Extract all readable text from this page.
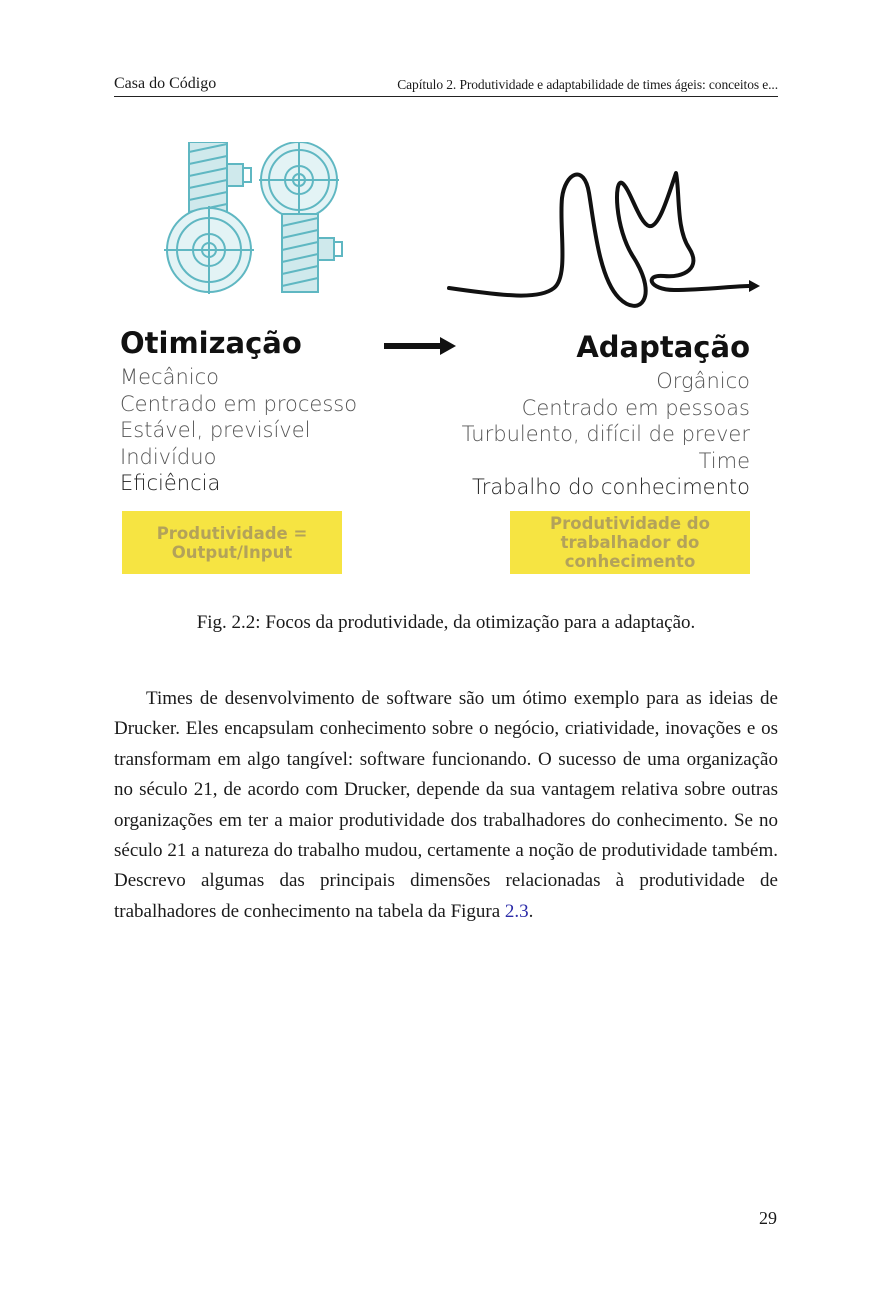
Casa do Código	Capítulo 2. Produtividade e adaptabilidade de times ágeis: conceitos e...
Otimização	Adaptação
Mecânico
Centrado em processo
Estável, previsível
Indivíduo
Eficiência
Orgânico
Centrado em pessoas
Turbulento, difícil de prever
Time
Trabalho do conhecimento
Produtividade =
Output/Input
Produtividade do
trabalhador do
conhecimento
Fig. 2.2: Focos da produtividade, da otimização para a adaptação.

Times de desenvolvimento de software são um ótimo exemplo para as ideias de Drucker. Eles encapsulam conhecimento sobre o negócio, criatividade, inovações e os transformam em algo tangível: software funcionando. O sucesso de uma organização no século 21, de acordo com Drucker, depende da sua vantagem relativa sobre outras organizações em ter a maior produtividade dos trabalhadores do conhecimento. Se no século 21 a natureza do trabalho mudou, certamente a noção de produtividade também. Descrevo algumas das principais dimensões relacionadas à produtividade de trabalhadores de conhecimento na tabela da Figura 2.3.

29
